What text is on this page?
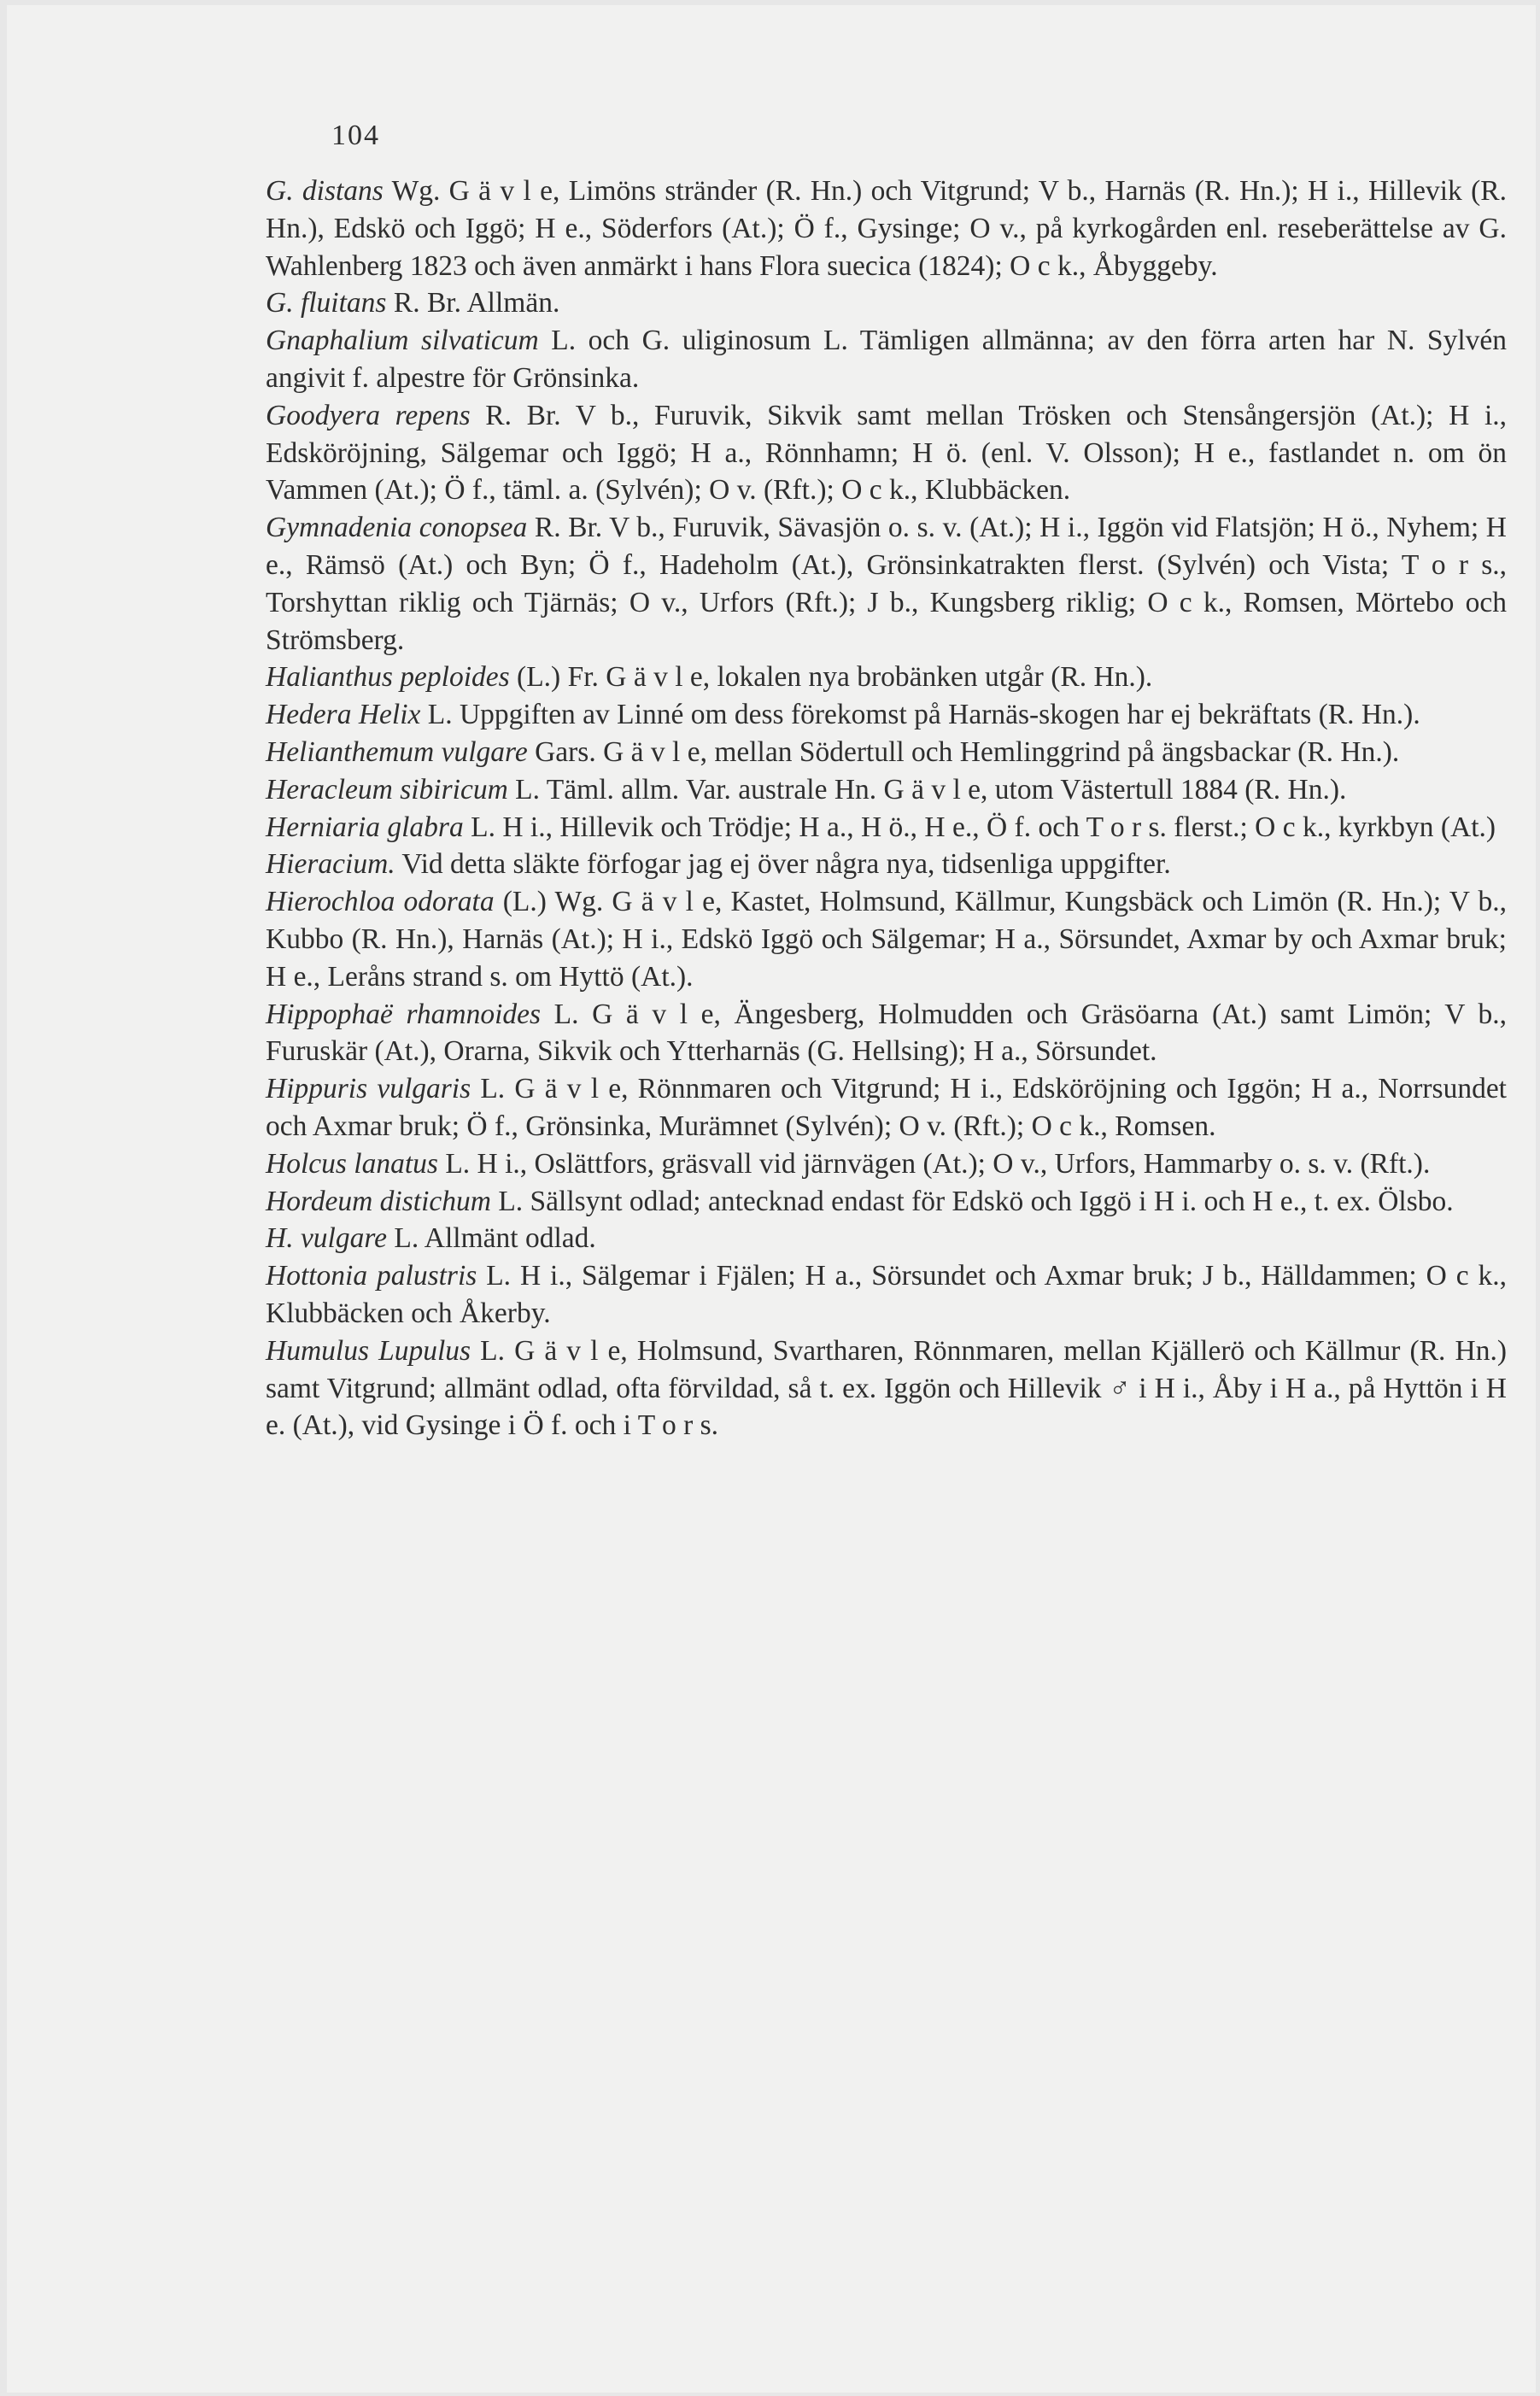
104

G. distans Wg. G ä v l e, Limöns stränder (R. Hn.) och Vitgrund; V b., Harnäs (R. Hn.); H i., Hillevik (R. Hn.), Edskö och Iggö; H e., Söderfors (At.); Ö f., Gysinge; O v., på kyrkogården enl. reseberättelse av G. Wahlenberg 1823 och även anmärkt i hans Flora suecica (1824); O c k., Åbyggeby.

G. fluitans R. Br. Allmän.

Gnaphalium silvaticum L. och G. uliginosum L. Tämligen allmänna; av den förra arten har N. Sylvén angivit f. alpestre för Grönsinka.

Goodyera repens R. Br. V b., Furuvik, Sikvik samt mellan Trösken och Stensångersjön (At.); H i., Edsköröjning, Sälgemar och Iggö; H a., Rönnhamn; H ö. (enl. V. Olsson); H e., fastlandet n. om ön Vammen (At.); Ö f., täml. a. (Sylvén); O v. (Rft.); O c k., Klubbäcken.

Gymnadenia conopsea R. Br. V b., Furuvik, Sävasjön o. s. v. (At.); H i., Iggön vid Flatsjön; H ö., Nyhem; H e., Rämsö (At.) och Byn; Ö f., Hadeholm (At.), Grönsinkatrakten flerst. (Sylvén) och Vista; T o r s., Torshyttan riklig och Tjärnäs; O v., Urfors (Rft.); J b., Kungsberg riklig; O c k., Romsen, Mörtebo och Strömsberg.

Halianthus peploides (L.) Fr. G ä v l e, lokalen nya brobänken utgår (R. Hn.).

Hedera Helix L. Uppgiften av Linné om dess förekomst på Harnäs-skogen har ej bekräftats (R. Hn.).

Helianthemum vulgare Gars. G ä v l e, mellan Södertull och Hemlinggrind på ängsbackar (R. Hn.).

Heracleum sibiricum L. Täml. allm. Var. australe Hn. G ä v l e, utom Västertull 1884 (R. Hn.).

Herniaria glabra L. H i., Hillevik och Trödje; H a., H ö., H e., Ö f. och T o r s. flerst.; O c k., kyrkbyn (At.)

Hieracium. Vid detta släkte förfogar jag ej över några nya, tidsenliga uppgifter.

Hierochloa odorata (L.) Wg. G ä v l e, Kastet, Holmsund, Källmur, Kungsbäck och Limön (R. Hn.); V b., Kubbo (R. Hn.), Harnäs (At.); H i., Edskö Iggö och Sälgemar; H a., Sörsundet, Axmar by och Axmar bruk; H e., Leråns strand s. om Hyttö (At.).

Hippophaë rhamnoides L. G ä v l e, Ängesberg, Holmudden och Gräsöarna (At.) samt Limön; V b., Furuskär (At.), Orarna, Sikvik och Ytterharnäs (G. Hellsing); H a., Sörsundet.

Hippuris vulgaris L. G ä v l e, Rönnmaren och Vitgrund; H i., Edsköröjning och Iggön; H a., Norrsundet och Axmar bruk; Ö f., Grönsinka, Murämnet (Sylvén); O v. (Rft.); O c k., Romsen.

Holcus lanatus L. H i., Oslättfors, gräsvall vid järnvägen (At.); O v., Urfors, Hammarby o. s. v. (Rft.).

Hordeum distichum L. Sällsynt odlad; antecknad endast för Edskö och Iggö i H i. och H e., t. ex. Ölsbo.

H. vulgare L. Allmänt odlad.

Hottonia palustris L. H i., Sälgemar i Fjälen; H a., Sörsundet och Axmar bruk; J b., Hälldammen; O c k., Klubbäcken och Åkerby.

Humulus Lupulus L. G ä v l e, Holmsund, Svartharen, Rönnmaren, mellan Kjällerö och Källmur (R. Hn.) samt Vitgrund; allmänt odlad, ofta förvildad, så t. ex. Iggön och Hillevik ♂ i H i., Åby i H a., på Hyttön i H e. (At.), vid Gysinge i Ö f. och i T o r s.
